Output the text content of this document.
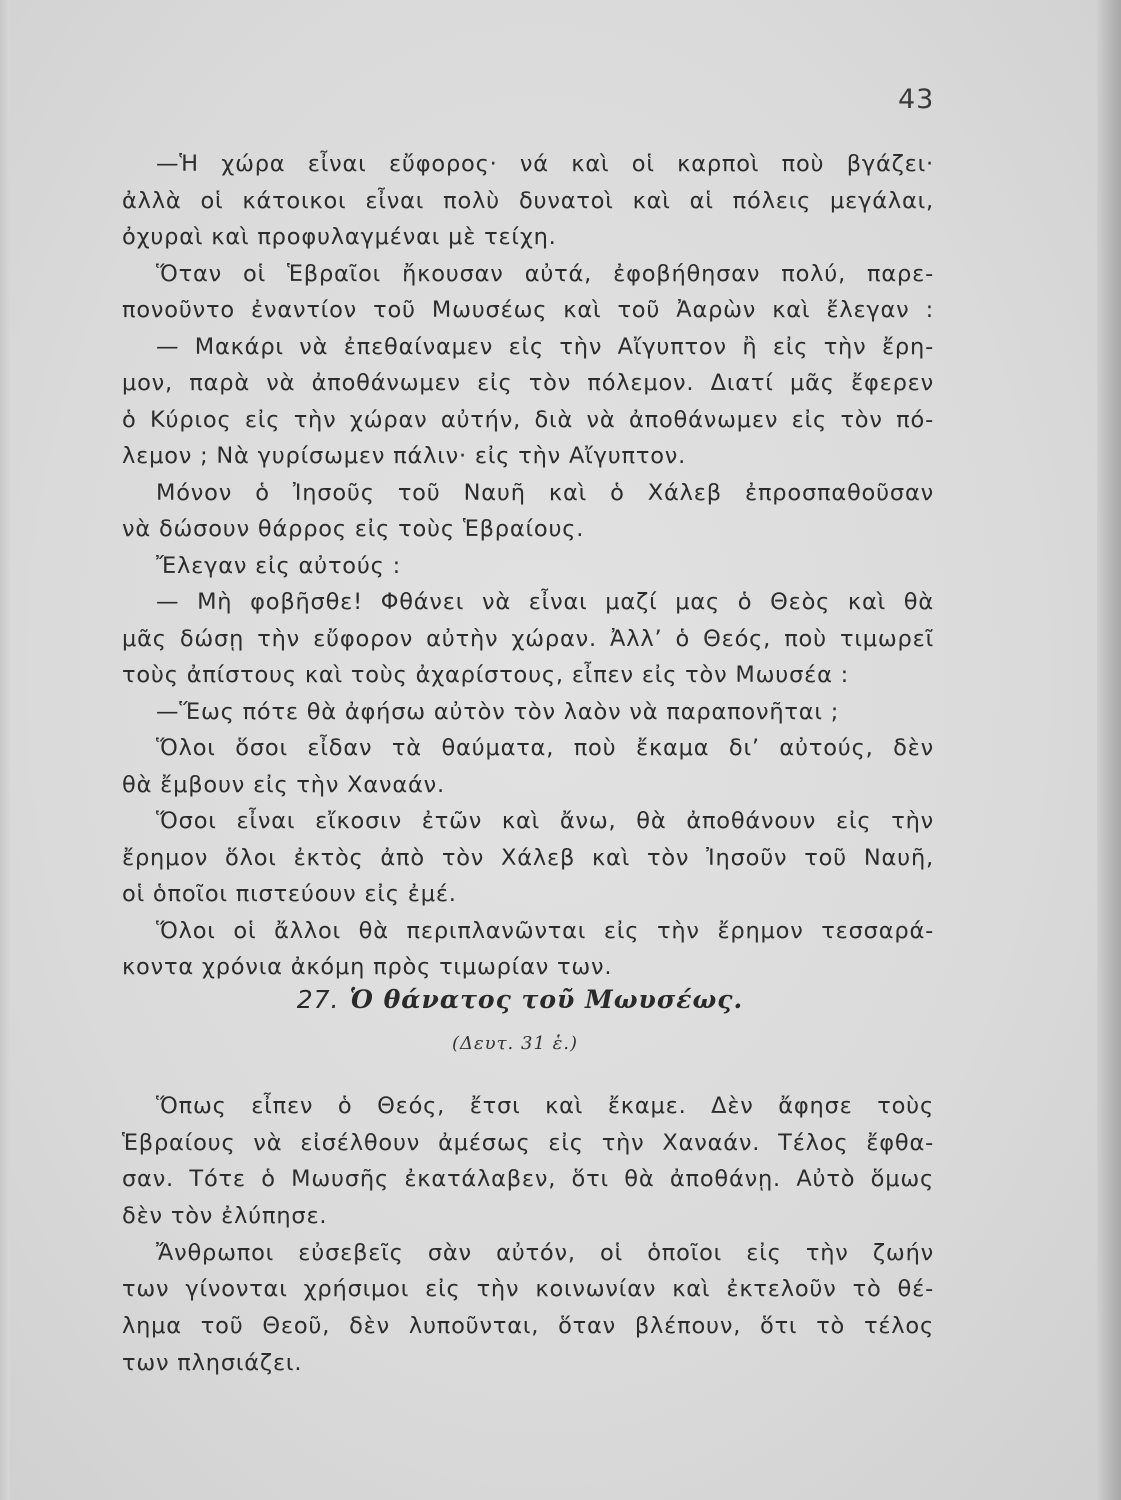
43
—Ἡ χώρα εἶναι εὔφορος· νά καὶ οἱ καρποὶ ποὺ βγάζει·
ἀλλὰ οἱ κάτοικοι εἶναι πολὺ δυνατοὶ καὶ αἱ πόλεις μεγάλαι,
ὀχυραὶ καὶ προφυλαγμέναι μὲ τείχη.
Ὅταν οἱ Ἑβραῖοι ἤκουσαν αὐτά, ἐφοβήθησαν πολύ, παρε-
πονοῦντο ἐναντίον τοῦ Μωυσέως καὶ τοῦ Ἀαρὼν καὶ ἔλεγαν :
— Μακάρι νὰ ἐπεθαίναμεν εἰς τὴν Αἴγυπτον ἢ εἰς τὴν ἔρη-
μον, παρὰ νὰ ἀποθάνωμεν εἰς τὸν πόλεμον. Διατί μᾶς ἔφερεν
ὁ Κύριος εἰς τὴν χώραν αὐτήν, διὰ νὰ ἀποθάνωμεν εἰς τὸν πό-
λεμον ; Νὰ γυρίσωμεν πάλιν· εἰς τὴν Αἴγυπτον.
Μόνον ὁ Ἰησοῦς τοῦ Ναυῆ καὶ ὁ Χάλεβ ἐπροσπαθοῦσαν
νὰ δώσουν θάρρος εἰς τοὺς Ἑβραίους.
Ἔλεγαν εἰς αὐτούς :
— Μὴ φοβῆσθε! Φθάνει νὰ εἶναι μαζί μας ὁ Θεὸς καὶ θὰ
μᾶς δώσῃ τὴν εὔφορον αὐτὴν χώραν. Ἀλλ’ ὁ Θεός, ποὺ τιμωρεῖ
τοὺς ἀπίστους καὶ τοὺς ἀχαρίστους, εἶπεν εἰς τὸν Μωυσέα :
—Ἕως πότε θὰ ἀφήσω αὐτὸν τὸν λαὸν νὰ παραπονῆται ;
Ὅλοι ὅσοι εἶδαν τὰ θαύματα, ποὺ ἔκαμα δι’ αὐτούς, δὲν
θὰ ἔμβουν εἰς τὴν Χαναάν.
Ὅσοι εἶναι εἴκοσιν ἐτῶν καὶ ἄνω, θὰ ἀποθάνουν εἰς τὴν
ἔρημον ὅλοι ἐκτὸς ἀπὸ τὸν Χάλεβ καὶ τὸν Ἰησοῦν τοῦ Ναυῆ,
οἱ ὁποῖοι πιστεύουν εἰς ἐμέ.
Ὅλοι οἱ ἄλλοι θὰ περιπλανῶνται εἰς τὴν ἔρημον τεσσαρά-
κοντα χρόνια ἀκόμη πρὸς τιμωρίαν των.
27. Ὁ θάνατος τοῦ Μωυσέως.
(Δευτ. 31 ἑ.)
Ὅπως εἶπεν ὁ Θεός, ἔτσι καὶ ἔκαμε. Δὲν ἄφησε τοὺς
Ἑβραίους νὰ εἰσέλθουν ἀμέσως εἰς τὴν Χαναάν. Τέλος ἔφθα-
σαν. Τότε ὁ Μωυσῆς ἐκατάλαβεν, ὅτι θὰ ἀποθάνῃ. Αὐτὸ ὅμως
δὲν τὸν ἐλύπησε.
Ἄνθρωποι εὐσεβεῖς σὰν αὐτόν, οἱ ὁποῖοι εἰς τὴν ζωήν
των γίνονται χρήσιμοι εἰς τὴν κοινωνίαν καὶ ἐκτελοῦν τὸ θέ-
λημα τοῦ Θεοῦ, δὲν λυποῦνται, ὅταν βλέπουν, ὅτι τὸ τέλος
των πλησιάζει.
